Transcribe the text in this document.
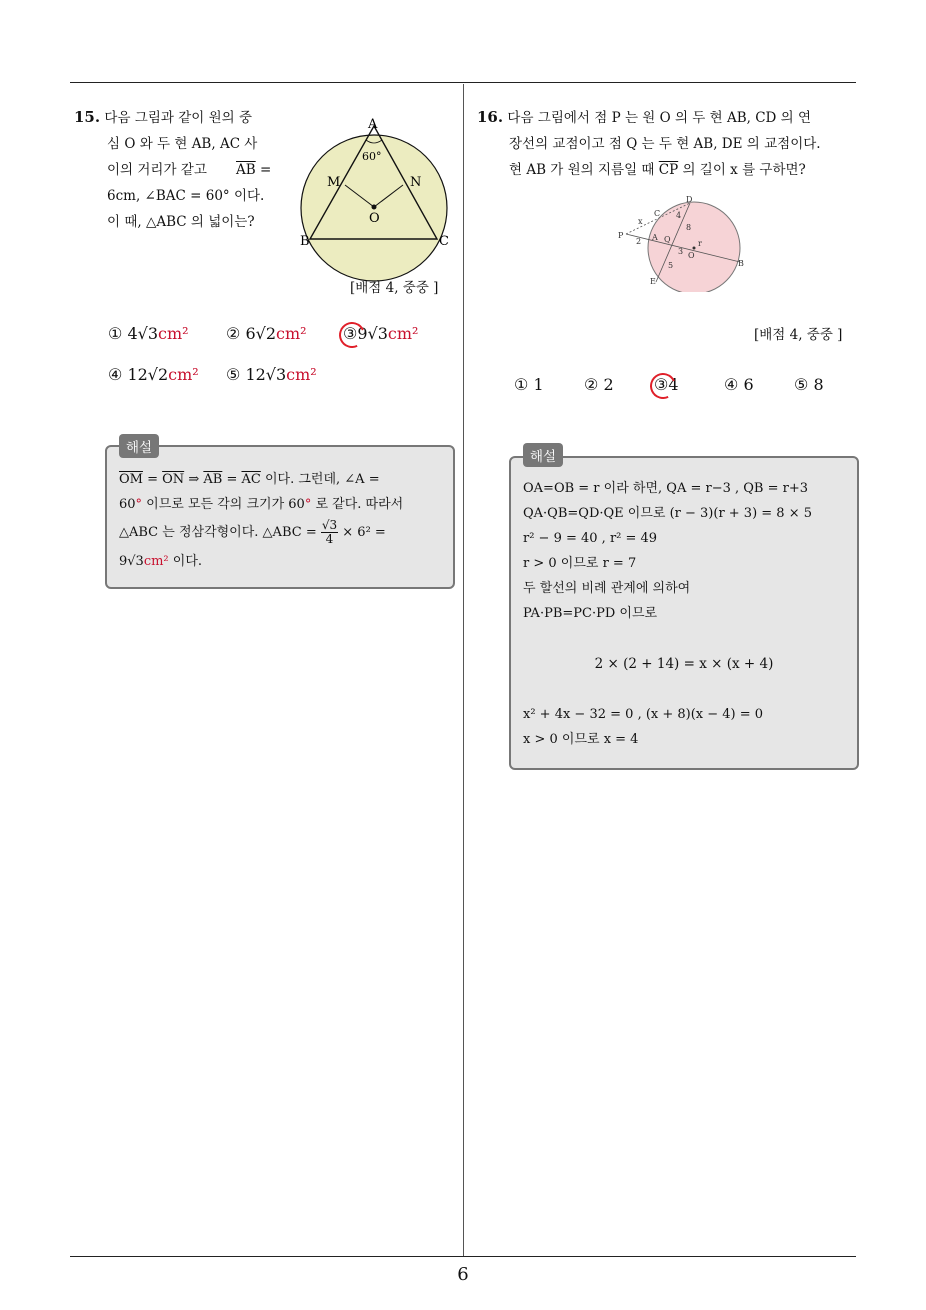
15. 다음 그림과 같이 원의 중
심 O 와 두 현 AB, AC 사
이의 거리가 같고 $\overline{AB}$ =
6cm, ∠BAC = 60° 이다.
이 때, △ABC 의 넓이는?
A
B	C
M	N
O
60°
[배점 4, 중중 ]
① 4√3cm² ② 6√2cm² ③9√3cm²
④ 12√2cm² ⑤ 12√3cm²
$\overline{OM} = \overline{ON}$ ⇒ $\overline{AB} = \overline{AC}$ 이다. 그런데, ∠A =
60° 이므로 모든 각의 크기가 60° 로 같다. 따라서
△ABC 는 정삼각형이다. △ABC = $\frac{√3}{4} \times 6^2$ =
9√3cm² 이다.
해설
16. 다음 그림에서 점 P 는 원 O 의 두 현 AB, CD 의 연
장선의 교점이고 점 Q 는 두 현 AB, DE 의 교점이다.
현 AB 가 원의 지름일 때 $\overline{CP}$ 의 길이 x 를 구하면?
P
C
D
A Q
O
B
E
x
4
8
2
3
5
r
[배점 4, 중중 ]
① 1	② 2	③4	④ 6	⑤ 8
OA=OB = r 이라 하면, QA = r−3 , QB = r+3
QA·QB=QD·QE 이므로 (r − 3)(r + 3) = 8 × 5
r² − 9 = 40 , r² = 49
r > 0 이므로 r = 7
두 할선의 비례 관계에 의하여
PA·PB=PC·PD 이므로
2 × (2 + 14) = x × (x + 4)
x² + 4x − 32 = 0 , (x + 8)(x − 4) = 0
x > 0 이므로 x = 4
해설
6
